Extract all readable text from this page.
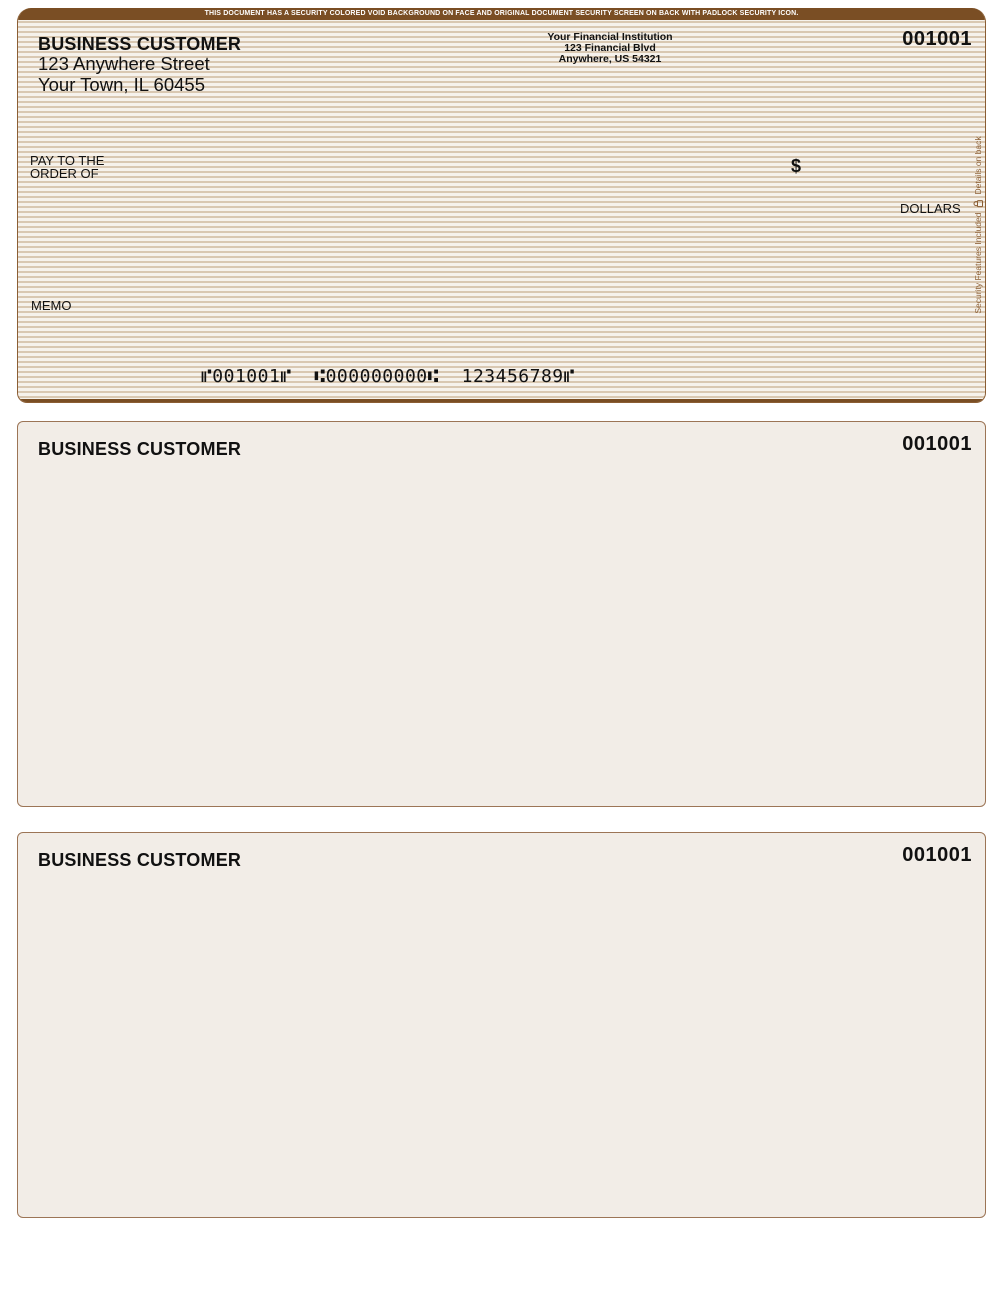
THIS DOCUMENT HAS A SECURITY COLORED VOID BACKGROUND ON FACE AND ORIGINAL DOCUMENT SECURITY SCREEN ON BACK WITH PADLOCK SECURITY ICON.
BUSINESS CUSTOMER
123 Anywhere Street
Your Town, IL 60455
Your Financial Institution
123 Financial Blvd
Anywhere, US 54321
001001
PAY TO THE
ORDER OF	$
DOLLARS
MEMO
⑈001001⑈  ⑆000000000⑆  123456789⑈
Security Features Included
Details on back
BUSINESS CUSTOMER	001001
BUSINESS CUSTOMER	001001
